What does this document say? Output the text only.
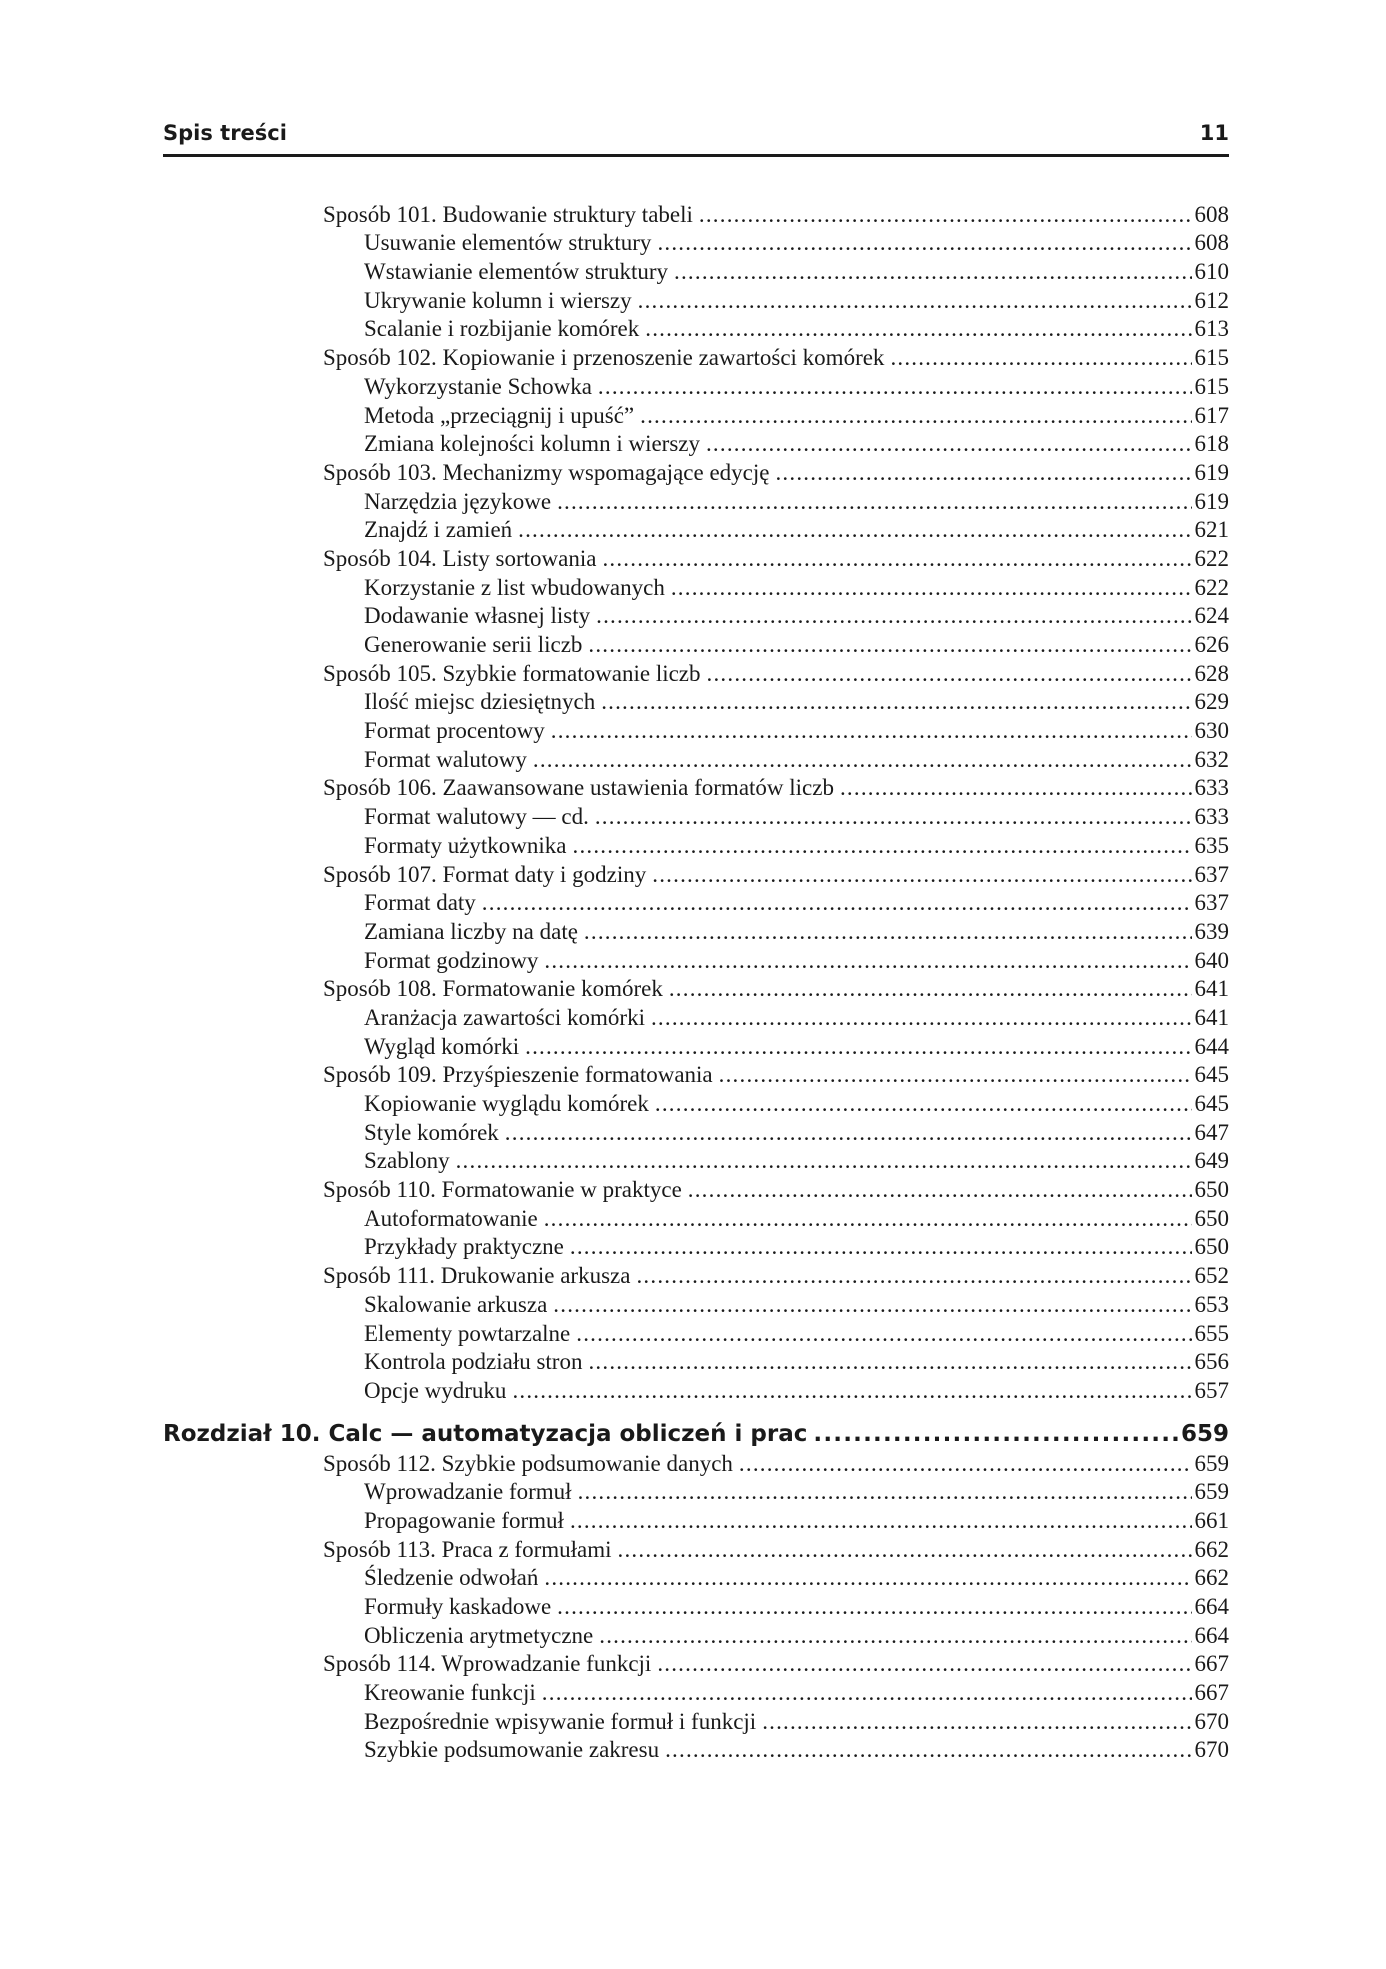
Spis treści	11
Sposób 101. Budowanie struktury tabeli .....	608
Usuwanie elementów struktury .....	608
Wstawianie elementów struktury .....	610
Ukrywanie kolumn i wierszy .....	612
Scalanie i rozbijanie komórek .....	613
Sposób 102. Kopiowanie i przenoszenie zawartości komórek .....	615
Wykorzystanie Schowka .....	615
Metoda „przeciągnij i upuść” .....	617
Zmiana kolejności kolumn i wierszy .....	618
Sposób 103. Mechanizmy wspomagające edycję .....	619
Narzędzia językowe .....	619
Znajdź i zamień .....	621
Sposób 104. Listy sortowania .....	622
Korzystanie z list wbudowanych .....	622
Dodawanie własnej listy .....	624
Generowanie serii liczb .....	626
Sposób 105. Szybkie formatowanie liczb .....	628
Ilość miejsc dziesiętnych .....	629
Format procentowy .....	630
Format walutowy .....	632
Sposób 106. Zaawansowane ustawienia formatów liczb .....	633
Format walutowy — cd. .....	633
Formaty użytkownika .....	635
Sposób 107. Format daty i godziny .....	637
Format daty .....	637
Zamiana liczby na datę .....	639
Format godzinowy .....	640
Sposób 108. Formatowanie komórek .....	641
Aranżacja zawartości komórki .....	641
Wygląd komórki .....	644
Sposób 109. Przyśpieszenie formatowania .....	645
Kopiowanie wyglądu komórek .....	645
Style komórek .....	647
Szablony .....	649
Sposób 110. Formatowanie w praktyce .....	650
Autoformatowanie .....	650
Przykłady praktyczne .....	650
Sposób 111. Drukowanie arkusza .....	652
Skalowanie arkusza .....	653
Elementy powtarzalne .....	655
Kontrola podziału stron .....	656
Opcje wydruku .....	657
Rozdział 10. Calc — automatyzacja obliczeń i prac .....	659
Sposób 112. Szybkie podsumowanie danych .....	659
Wprowadzanie formuł .....	659
Propagowanie formuł .....	661
Sposób 113. Praca z formułami .....	662
Śledzenie odwołań .....	662
Formuły kaskadowe .....	664
Obliczenia arytmetyczne .....	664
Sposób 114. Wprowadzanie funkcji .....	667
Kreowanie funkcji .....	667
Bezpośrednie wpisywanie formuł i funkcji .....	670
Szybkie podsumowanie zakresu .....	670
